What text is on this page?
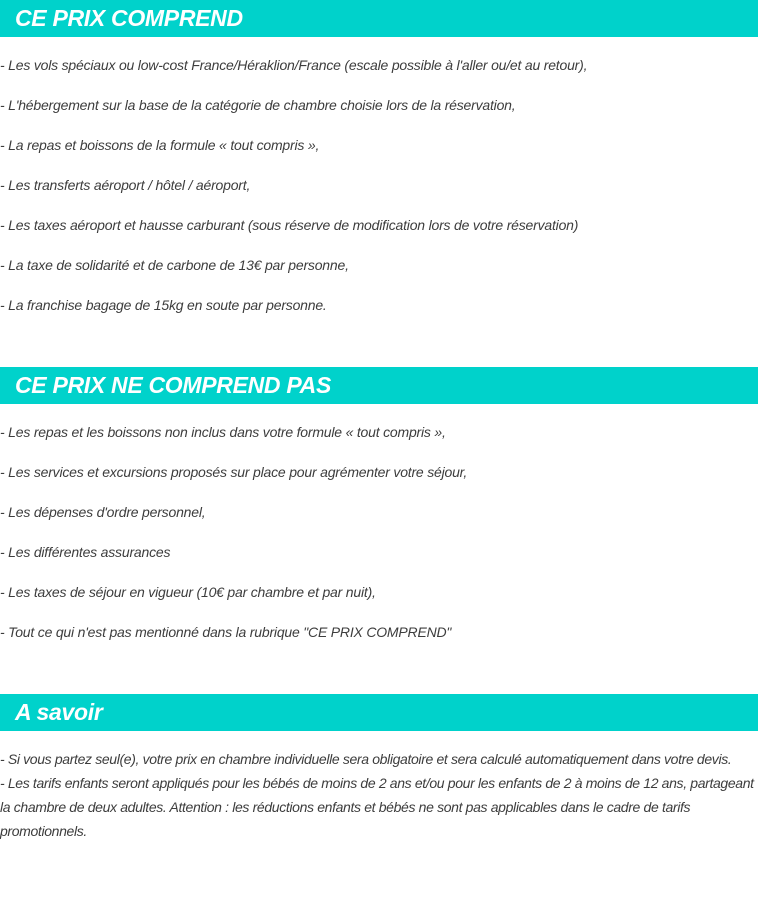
CE PRIX COMPREND
- Les vols spéciaux ou low-cost France/Héraklion/France (escale possible à l'aller ou/et au retour),
- L'hébergement sur la base de la catégorie de chambre choisie lors de la réservation,
- La repas et boissons de la formule « tout compris »,
- Les transferts aéroport / hôtel / aéroport,
- Les taxes aéroport et hausse carburant (sous réserve de modification lors de votre réservation)
- La taxe de solidarité et de carbone de 13€ par personne,
- La franchise bagage de 15kg en soute par personne.
CE PRIX NE COMPREND PAS
- Les repas et les boissons non inclus dans votre formule « tout compris »,
- Les services et excursions proposés sur place pour agrémenter votre séjour,
- Les dépenses d'ordre personnel,
- Les différentes assurances
- Les taxes de séjour en vigueur (10€ par chambre et par nuit),
- Tout ce qui n'est pas mentionné dans la rubrique "CE PRIX COMPREND"
A savoir

- Si vous partez seul(e), votre prix en chambre individuelle sera obligatoire et sera calculé automatiquement dans votre devis.

- Les tarifs enfants seront appliqués pour les bébés de moins de 2 ans et/ou pour les enfants de 2 à moins de 12 ans, partageant la chambre de deux adultes. Attention : les réductions enfants et bébés ne sont pas applicables dans le cadre de tarifs promotionnels.
